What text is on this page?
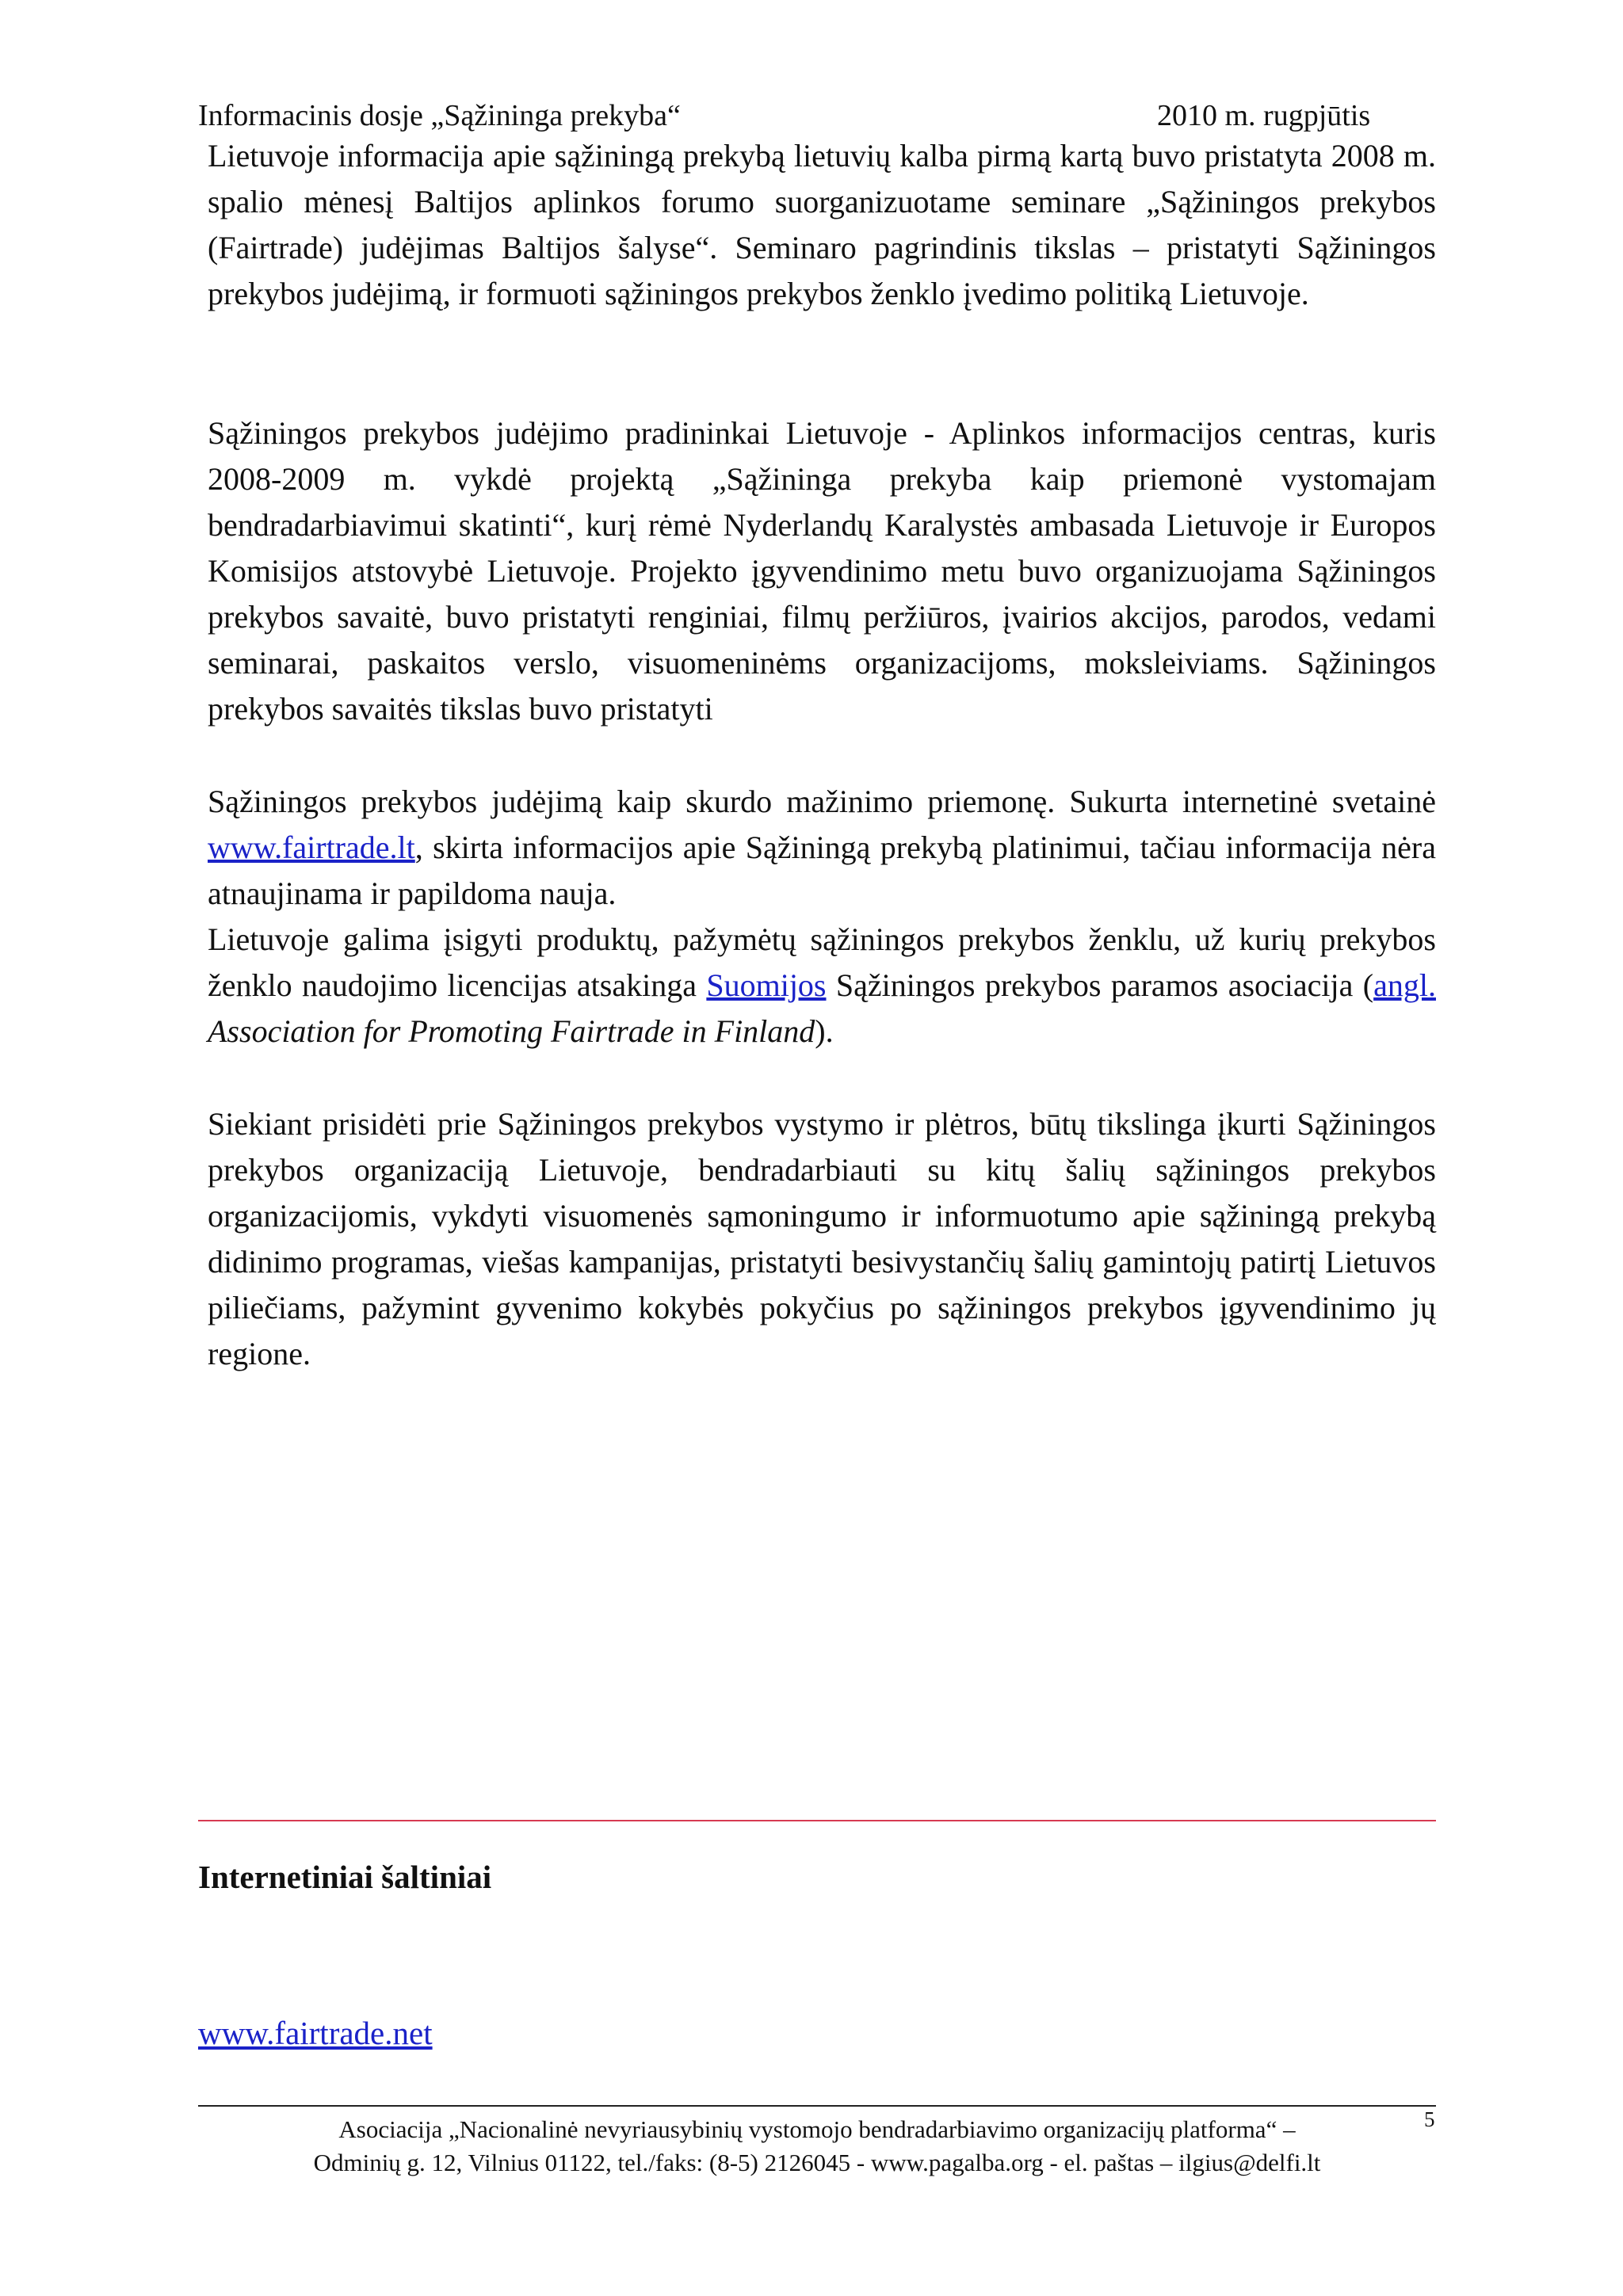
Informacinis dosje „Sąžininga prekyba“	2010 m. rugpjūtis

Lietuvoje informacija apie sąžiningą prekybą lietuvių kalba pirmą kartą buvo pristatyta 2008 m. spalio mėnesį Baltijos aplinkos forumo suorganizuotame seminare „Sąžiningos prekybos (Fairtrade) judėjimas Baltijos šalyse“. Seminaro pagrindinis tikslas – pristatyti Sąžiningos prekybos judėjimą, ir formuoti sąžiningos prekybos ženklo įvedimo politiką Lietuvoje.

Sąžiningos prekybos judėjimo pradininkai Lietuvoje - Aplinkos informacijos centras, kuris 2008-2009 m. vykdė projektą „Sąžininga prekyba kaip priemonė vystomajam bendradarbiavimui skatinti“, kurį rėmė Nyderlandų Karalystės ambasada Lietuvoje ir Europos Komisijos atstovybė Lietuvoje. Projekto įgyvendinimo metu buvo organizuojama Sąžiningos prekybos savaitė, buvo pristatyti renginiai, filmų peržiūros, įvairios akcijos, parodos, vedami seminarai, paskaitos verslo, visuomeninėms organizacijoms, moksleiviams. Sąžiningos prekybos savaitės tikslas buvo pristatyti

Sąžiningos prekybos judėjimą kaip skurdo mažinimo priemonę. Sukurta internetinė svetainė www.fairtrade.lt, skirta informacijos apie Sąžiningą prekybą platinimui, tačiau informacija nėra atnaujinama ir papildoma nauja.

Lietuvoje galima įsigyti produktų, pažymėtų sąžiningos prekybos ženklu, už kurių prekybos ženklo naudojimo licencijas atsakinga Suomijos Sąžiningos prekybos paramos asociacija (angl. Association for Promoting Fairtrade in Finland).

Siekiant prisidėti prie Sąžiningos prekybos vystymo ir plėtros, būtų tikslinga įkurti Sąžiningos prekybos organizaciją Lietuvoje, bendradarbiauti su kitų šalių sąžiningos prekybos organizacijomis, vykdyti visuomenės sąmoningumo ir informuotumo apie sąžiningą prekybą didinimo programas, viešas kampanijas, pristatyti besivystančių šalių gamintojų patirtį Lietuvos piliečiams, pažymint gyvenimo kokybės pokyčius po sąžiningos prekybos įgyvendinimo jų regione.

Internetiniai šaltiniai
www.fairtrade.net
Asociacija „Nacionalinė nevyriausybinių vystomojo bendradarbiavimo organizacijų platforma“ –
Odminių g. 12, Vilnius 01122, tel./faks: (8-5) 2126045 - www.pagalba.org - el. paštas – ilgius@delfi.lt
5
